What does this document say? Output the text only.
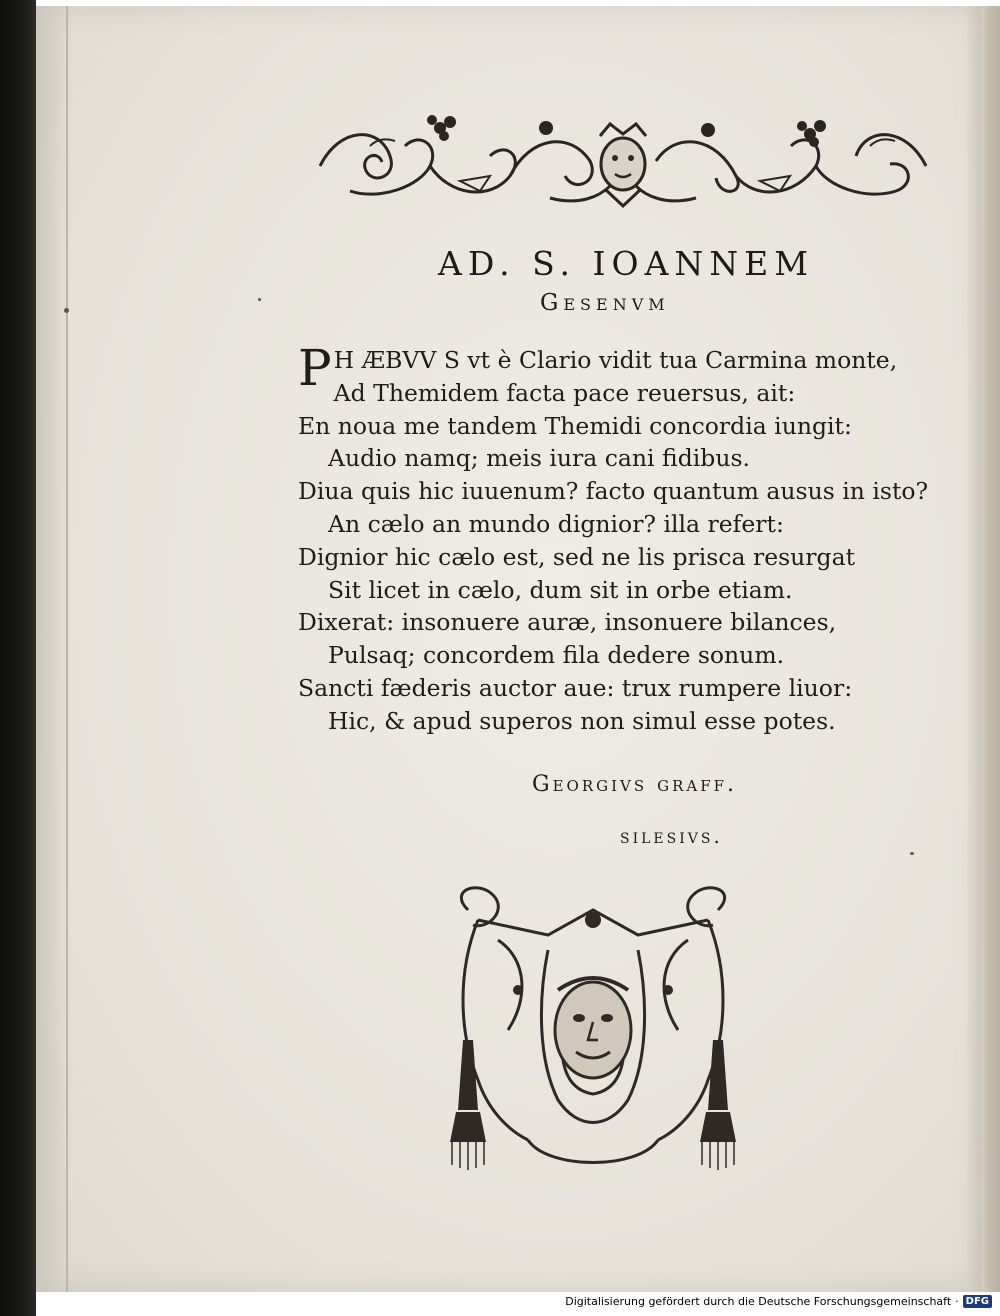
AD. S. IOANNEM
Gesenvm
P H ÆBVV S vt è Clario vidit tua Carmina monte,
Ad Themidem facta pace reuersus, ait:
En noua me tandem Themidi concordia iungit:
Audio namq; meis iura cani fidibus.
Diua quis hic iuuenum? facto quantum ausus in isto?
An cælo an mundo dignior? illa refert:
Dignior hic cælo est, sed ne lis prisca resurgat
Sit licet in cælo, dum sit in orbe etiam.
Dixerat: insonuere auræ, insonuere bilances,
Pulsaq; concordem fila dedere sonum.
Sancti fæderis auctor aue: trux rumpere liuor:
Hic, & apud superos non simul esse potes.
Georgivs graff.
silesivs.
Digitalisierung gefördert durch die Deutsche Forschungsgemeinschaft · DFG
